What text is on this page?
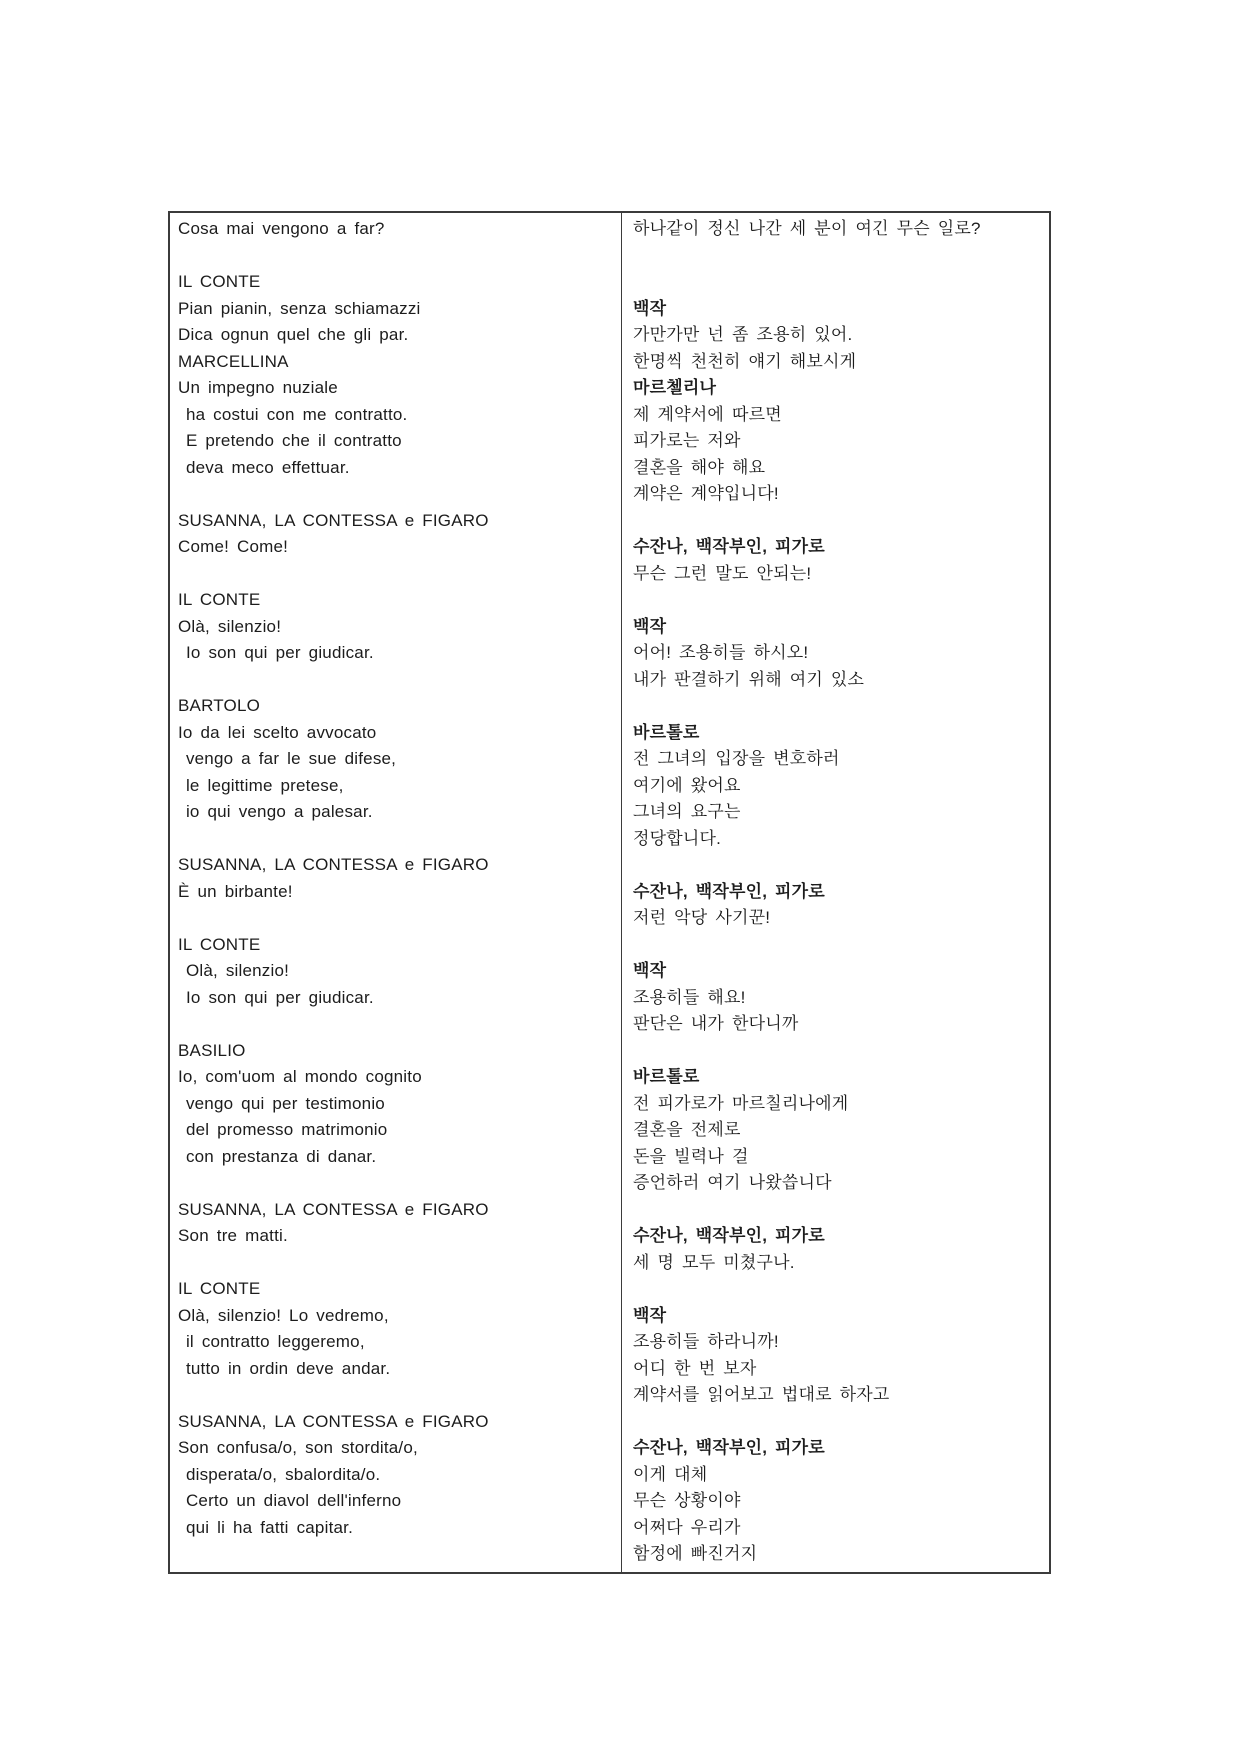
Cosa mai vengono a far?

IL CONTE
Pian pianin, senza schiamazzi
Dica ognun quel che gli par.
MARCELLINA
Un impegno nuziale
ha costui con me contratto.
E pretendo che il contratto
deva meco effettuar.

SUSANNA, LA CONTESSA e FIGARO
Come! Come!

IL CONTE
Olà, silenzio!
Io son qui per giudicar.

BARTOLO
Io da lei scelto avvocato
vengo a far le sue difese,
le legittime pretese,
io qui vengo a palesar.

SUSANNA, LA CONTESSA e FIGARO
È un birbante!

IL CONTE
Olà, silenzio!
Io son qui per giudicar.

BASILIO
Io, com'uom al mondo cognito
vengo qui per testimonio
del promesso matrimonio
con prestanza di danar.

SUSANNA, LA CONTESSA e FIGARO
Son tre matti.

IL CONTE
Olà, silenzio! Lo vedremo,
il contratto leggeremo,
tutto in ordin deve andar.

SUSANNA, LA CONTESSA e FIGARO
Son confusa/o, son stordita/o,
disperata/o, sbalordita/o.
Certo un diavol dell'inferno
qui li ha fatti capitar.
하나같이 정신 나간 세 분이 여긴 무슨 일로?

백작
가만가만 넌 좀 조용히 있어.
한명씩 천천히 얘기 해보시게
마르첼리나
제 계약서에 따르면
피가로는 저와
결혼을 해야 해요
계약은 계약입니다!

수잔나, 백작부인, 피가로
무슨 그런 말도 안되는!

백작
어어! 조용히들 하시오!
내가 판결하기 위해 여기 있소

바르톨로
전 그녀의 입장을 변호하러
여기에 왔어요
그녀의 요구는
정당합니다.

수잔나, 백작부인, 피가로
저런 악당 사기꾼!

백작
조용히들 해요!
판단은 내가 한다니까

바르톨로
전 피가로가 마르칠리나에게
결혼을 전제로
돈을 빌력나 걸
증언하러 여기 나왔씁니다

수잔나, 백작부인, 피가로
세 명 모두 미쳤구나.

백작
조용히들 하라니까!
어디 한 번 보자
계약서를 읽어보고 법대로 하자고

수잔나, 백작부인, 피가로
이게 대체
무슨 상황이야
어쩌다 우리가
함정에 빠진거지
